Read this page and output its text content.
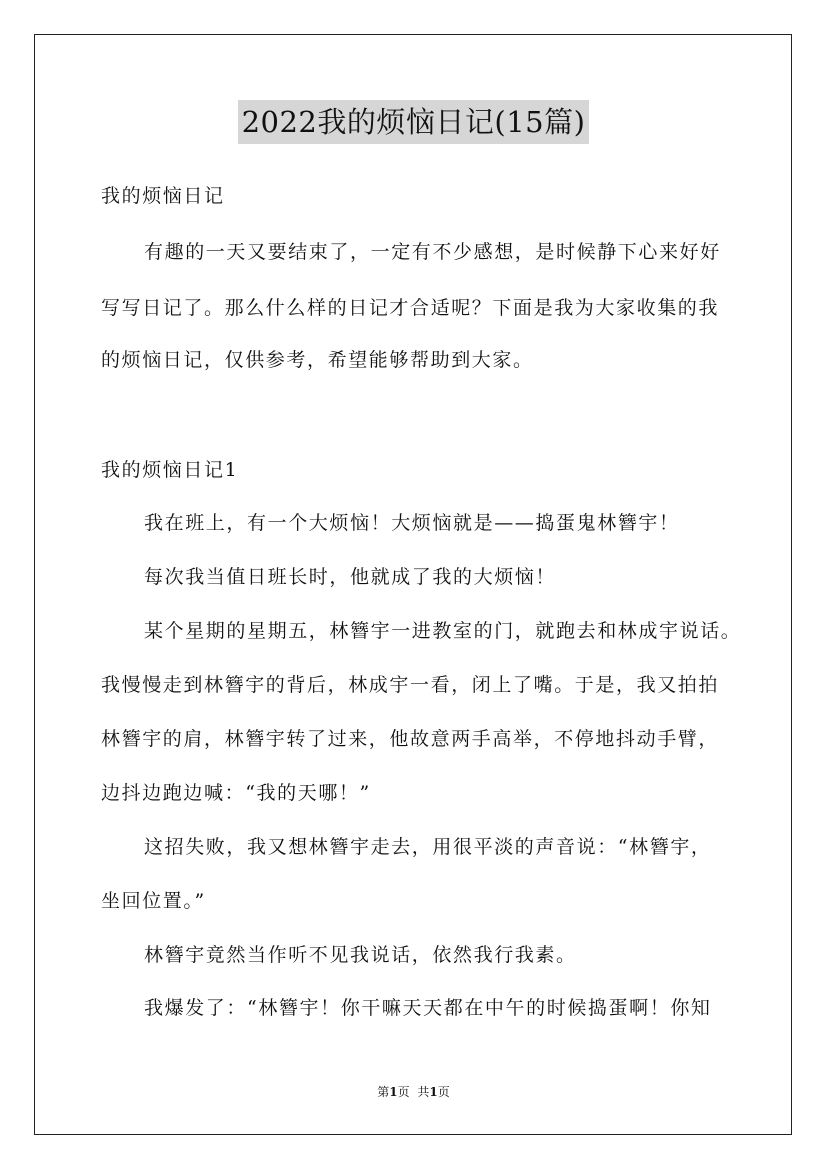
2022我的烦恼日记(15篇)
我的烦恼日记
有趣的一天又要结束了，一定有不少感想，是时候静下心来好好
写写日记了。那么什么样的日记才合适呢？下面是我为大家收集的我
的烦恼日记，仅供参考，希望能够帮助到大家。
我的烦恼日记1
我在班上，有一个大烦恼！大烦恼就是——捣蛋鬼林簪宇！
每次我当值日班长时，他就成了我的大烦恼！
某个星期的星期五，林簪宇一进教室的门，就跑去和林成宇说话。
我慢慢走到林簪宇的背后，林成宇一看，闭上了嘴。于是，我又拍拍
林簪宇的肩，林簪宇转了过来，他故意两手高举，不停地抖动手臂，
边抖边跑边喊：“我的天哪！”
这招失败，我又想林簪宇走去，用很平淡的声音说：“林簪宇，
坐回位置。”
林簪宇竟然当作听不见我说话，依然我行我素。
我爆发了：“林簪宇！你干嘛天天都在中午的时候捣蛋啊！你知
第1页 共1页
